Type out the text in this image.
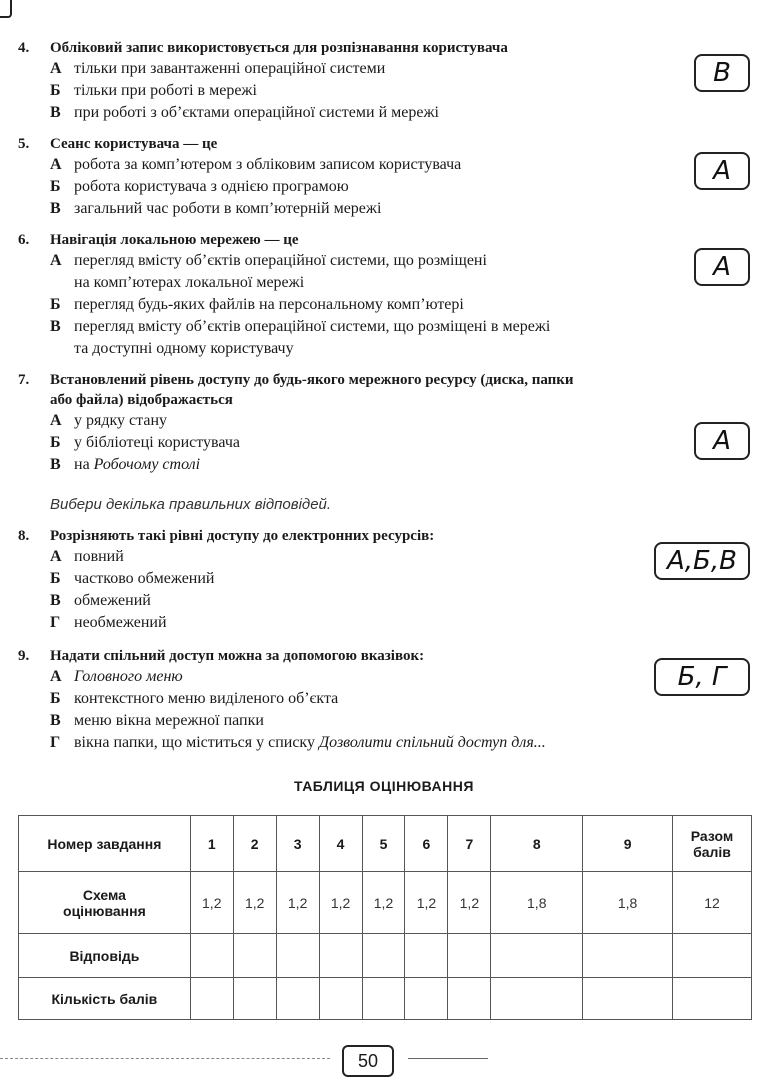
4.	Обліковий запис використовується для розпізнавання користувача
А тільки при завантаженні операційної системи
Б тільки при роботі в мережі
В при роботі з об’єктами операційної системи й мережі
В
5.	Сеанс користувача — це
А робота за комп’ютером з обліковим записом користувача
Б робота користувача з однією програмою
В загальний час роботи в комп’ютерній мережі
А
6.	Навігація локальною мережею — це
А перегляд вмісту об’єктів операційної системи, що розміщені
на комп’ютерах локальної мережі
Б перегляд будь-яких файлів на персональному комп’ютері
В перегляд вмісту об’єктів операційної системи, що розміщені в мережі
та доступні одному користувачу
А
7.	Встановлений рівень доступу до будь-якого мережного ресурсу (диска, папки
або файла) відображається
А у рядку стану
Б у бібліотеці користувача
В на Робочому столі
А
Вибери декілька правильних відповідей.
8.	Розрізняють такі рівні доступу до електронних ресурсів:
А повний
Б частково обмежений
В обмежений
Г необмежений
А,Б,В
9.	Надати спільний доступ можна за допомогою вказівок:
А Головного меню
Б контекстного меню виділеного об’єкта
В меню вікна мережної папки
Г вікна папки, що міститься у списку Дозволити спільний доступ для...
Б, Г
ТАБЛИЦЯ ОЦІНЮВАННЯ
Номер завдання	1	2	3	4	5	6	7	8	9	Разом
балів
Схема
оцінювання	1,2	1,2	1,2	1,2	1,2	1,2	1,2	1,8	1,8	12
Відповідь										
Кількість балів										
50
